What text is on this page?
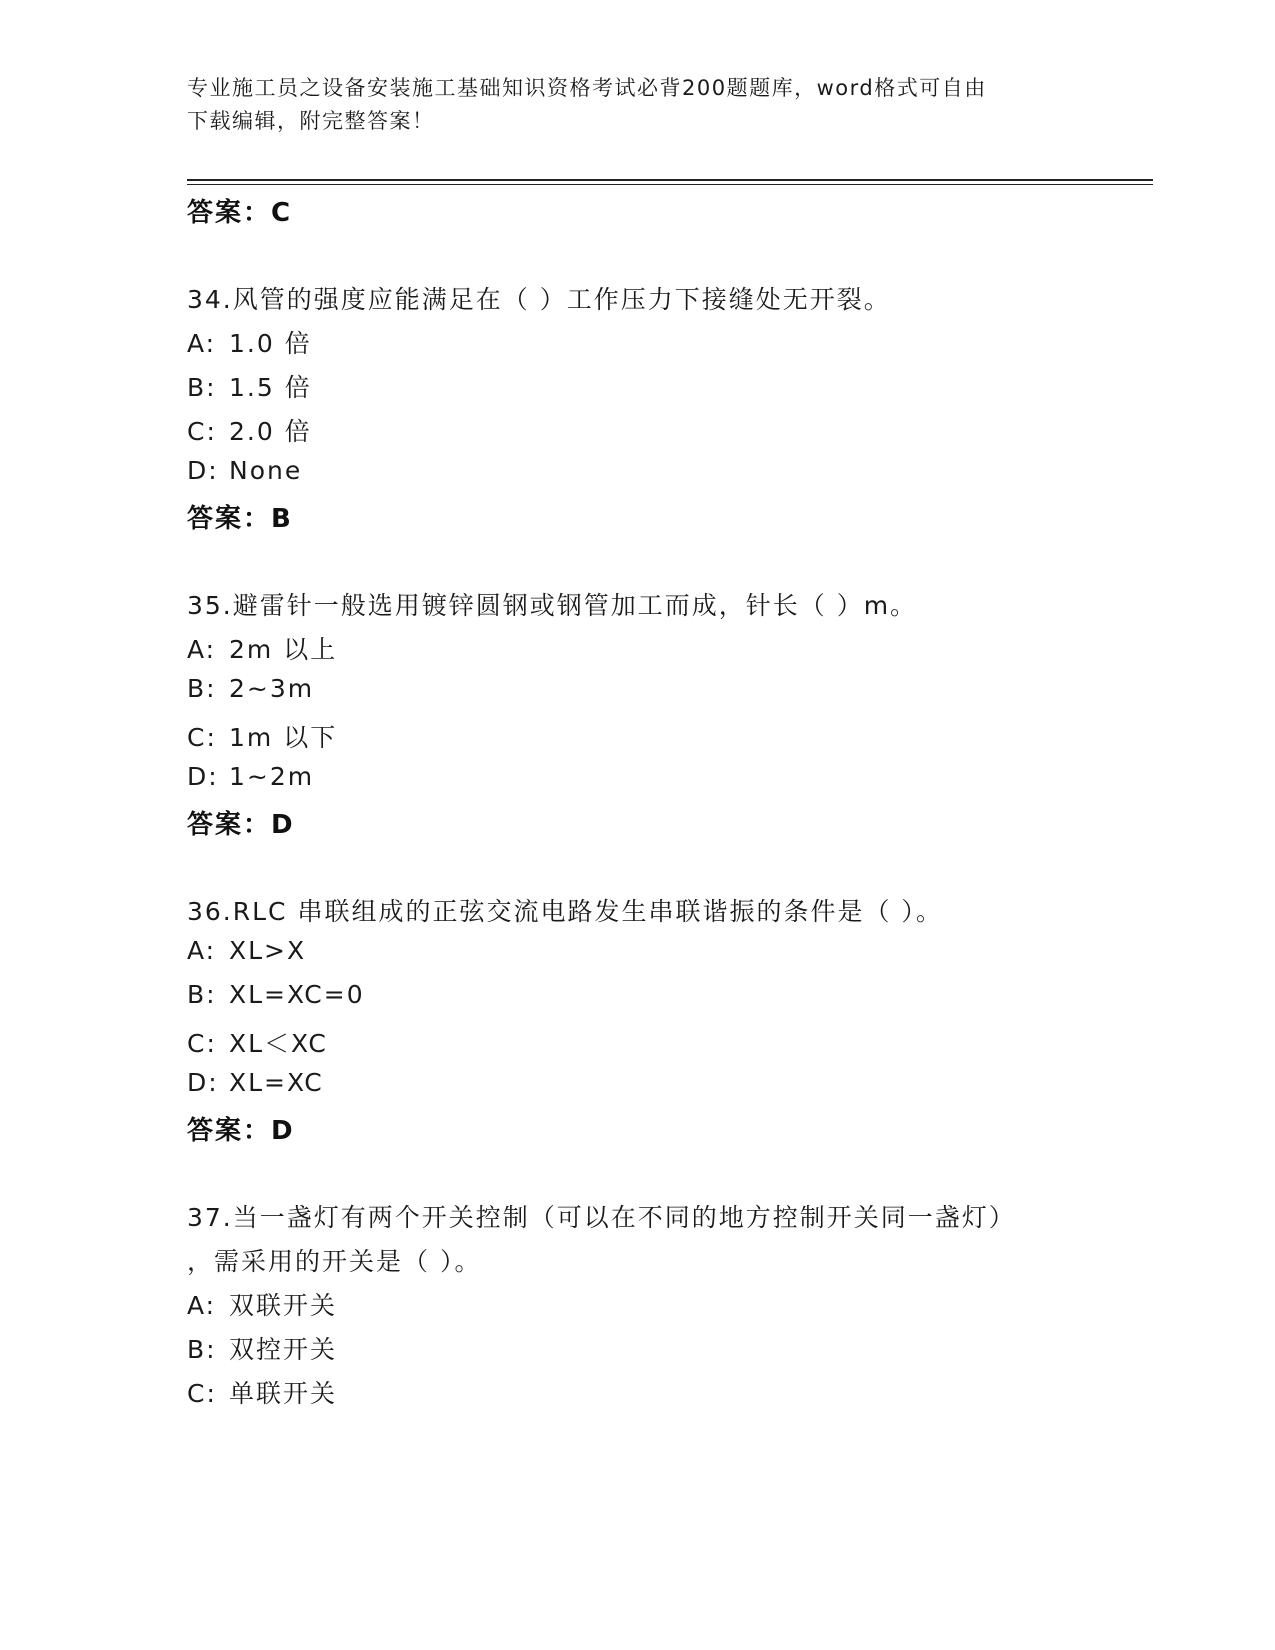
专业施工员之设备安装施工基础知识资格考试必背200题题库，word格式可自由
下载编辑，附完整答案！
答案：C
34.风管的强度应能满足在（ ）工作压力下接缝处无开裂。
A: 1.0 倍
B: 1.5 倍
C: 2.0 倍
D: None
答案：B
35.避雷针一般选用镀锌圆钢或钢管加工而成，针长（ ）m。
A: 2m 以上
B: 2~3m
C: 1m 以下
D: 1~2m
答案：D
36.RLC 串联组成的正弦交流电路发生串联谐振的条件是（ ）。
A: XL>X
B: XL=XC=0
C: XL＜XC
D: XL=XC
答案：D
37.当一盏灯有两个开关控制（可以在不同的地方控制开关同一盏灯）
，需采用的开关是（ ）。
A: 双联开关
B: 双控开关
C: 单联开关
